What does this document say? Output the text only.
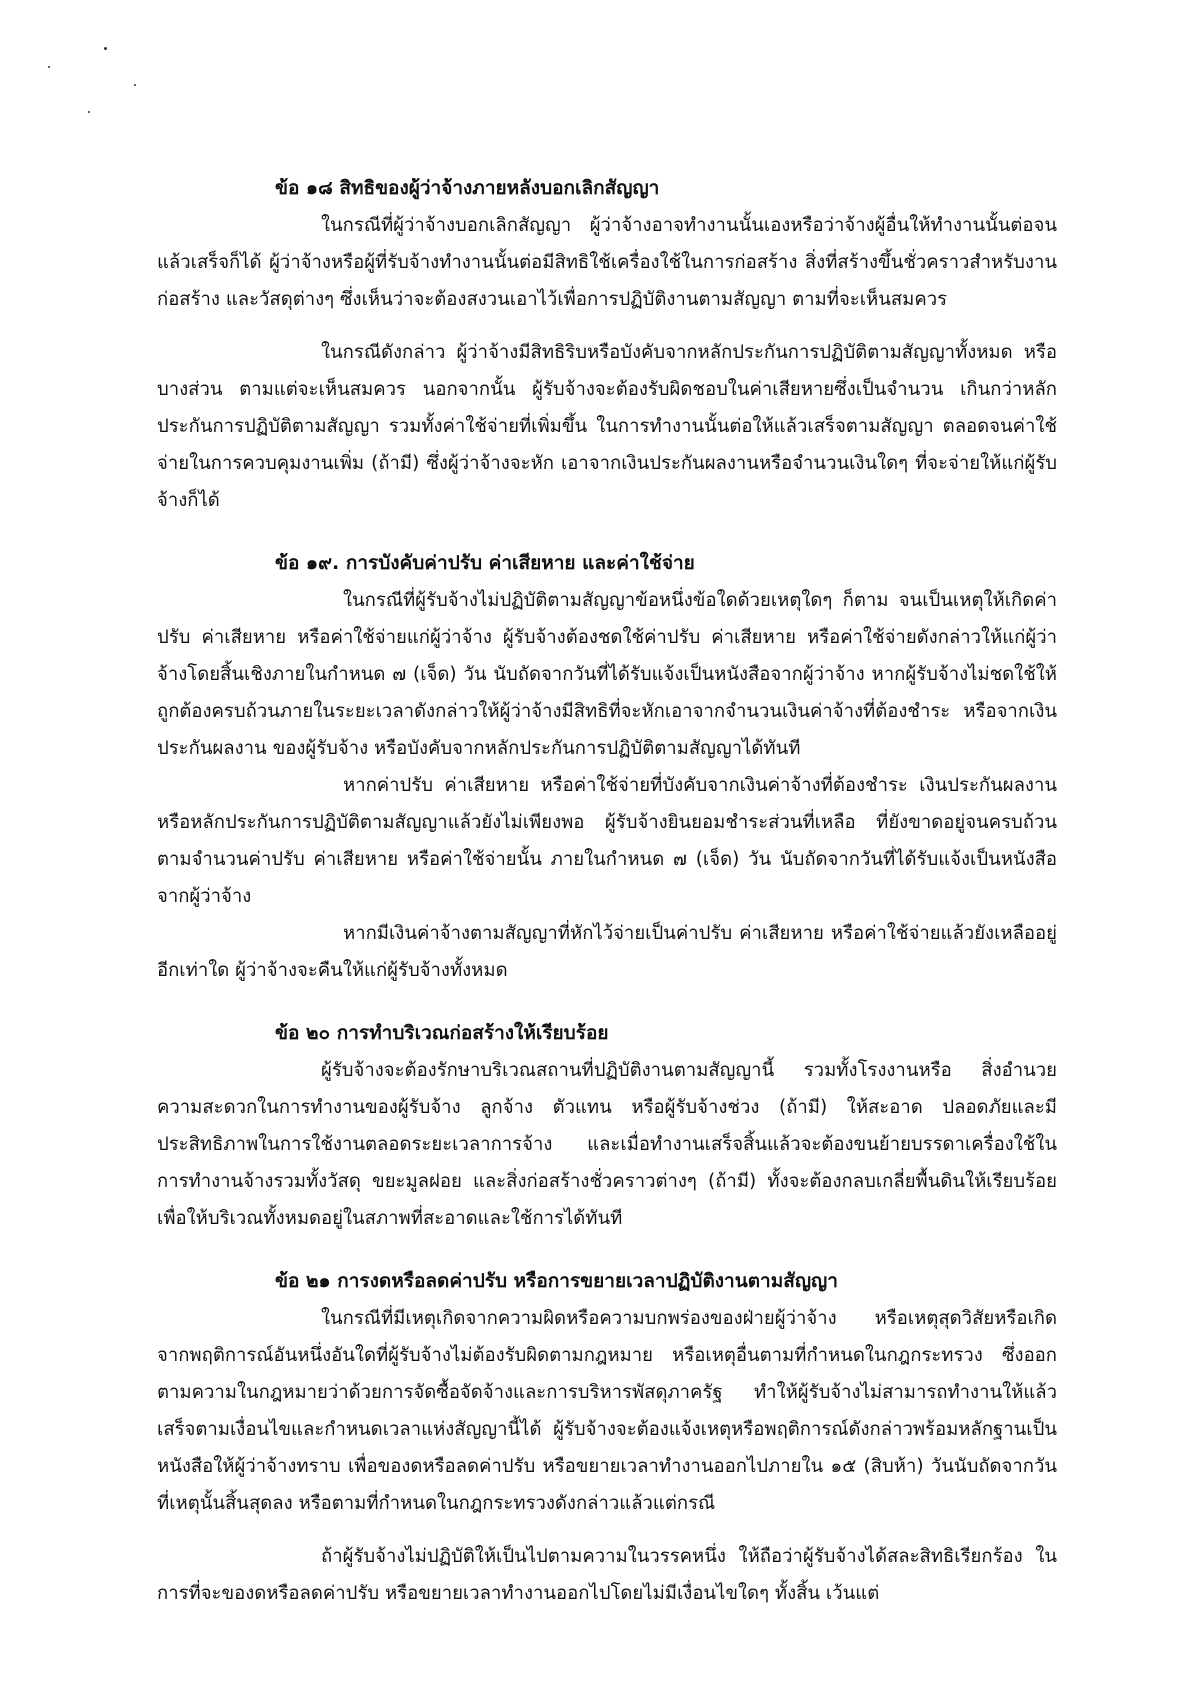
ข้อ ๑๘ สิทธิของผู้ว่าจ้างภายหลังบอกเลิกสัญญา

ในกรณีที่ผู้ว่าจ้างบอกเลิกสัญญา ผู้ว่าจ้างอาจทำงานนั้นเองหรือว่าจ้างผู้อื่นให้ทำงานนั้นต่อจนแล้วเสร็จก็ได้ ผู้ว่าจ้างหรือผู้ที่รับจ้างทำงานนั้นต่อมีสิทธิใช้เครื่องใช้ในการก่อสร้าง สิ่งที่สร้างขึ้นชั่วคราวสำหรับงานก่อสร้าง และวัสดุต่างๆ ซึ่งเห็นว่าจะต้องสงวนเอาไว้เพื่อการปฏิบัติงานตามสัญญา ตามที่จะเห็นสมควร

ในกรณีดังกล่าว ผู้ว่าจ้างมีสิทธิริบหรือบังคับจากหลักประกันการปฏิบัติตามสัญญาทั้งหมด หรือบางส่วน ตามแต่จะเห็นสมควร นอกจากนั้น ผู้รับจ้างจะต้องรับผิดชอบในค่าเสียหายซึ่งเป็นจำนวน เกินกว่าหลักประกันการปฏิบัติตามสัญญา รวมทั้งค่าใช้จ่ายที่เพิ่มขึ้น ในการทำงานนั้นต่อให้แล้วเสร็จตามสัญญา ตลอดจนค่าใช้จ่ายในการควบคุมงานเพิ่ม (ถ้ามี) ซึ่งผู้ว่าจ้างจะหัก เอาจากเงินประกันผลงานหรือจำนวนเงินใดๆ ที่จะจ่ายให้แก่ผู้รับจ้างก็ได้

ข้อ ๑๙. การบังคับค่าปรับ ค่าเสียหาย และค่าใช้จ่าย

ในกรณีที่ผู้รับจ้างไม่ปฏิบัติตามสัญญาข้อหนึ่งข้อใดด้วยเหตุใดๆ ก็ตาม จนเป็นเหตุให้เกิดค่าปรับ ค่าเสียหาย หรือค่าใช้จ่ายแก่ผู้ว่าจ้าง ผู้รับจ้างต้องชดใช้ค่าปรับ ค่าเสียหาย หรือค่าใช้จ่ายดังกล่าวให้แก่ผู้ว่าจ้างโดยสิ้นเชิงภายในกำหนด ๗ (เจ็ด) วัน นับถัดจากวันที่ได้รับแจ้งเป็นหนังสือจากผู้ว่าจ้าง หากผู้รับจ้างไม่ชดใช้ให้ถูกต้องครบถ้วนภายในระยะเวลาดังกล่าวให้ผู้ว่าจ้างมีสิทธิที่จะหักเอาจากจำนวนเงินค่าจ้างที่ต้องชำระ หรือจากเงินประกันผลงาน ของผู้รับจ้าง หรือบังคับจากหลักประกันการปฏิบัติตามสัญญาได้ทันที

หากค่าปรับ ค่าเสียหาย หรือค่าใช้จ่ายที่บังคับจากเงินค่าจ้างที่ต้องชำระ เงินประกันผลงาน หรือหลักประกันการปฏิบัติตามสัญญาแล้วยังไม่เพียงพอ ผู้รับจ้างยินยอมชำระส่วนที่เหลือ ที่ยังขาดอยู่จนครบถ้วนตามจำนวนค่าปรับ ค่าเสียหาย หรือค่าใช้จ่ายนั้น ภายในกำหนด ๗ (เจ็ด) วัน นับถัดจากวันที่ได้รับแจ้งเป็นหนังสือจากผู้ว่าจ้าง

หากมีเงินค่าจ้างตามสัญญาที่หักไว้จ่ายเป็นค่าปรับ ค่าเสียหาย หรือค่าใช้จ่ายแล้วยังเหลืออยู่อีกเท่าใด ผู้ว่าจ้างจะคืนให้แก่ผู้รับจ้างทั้งหมด

ข้อ ๒๐ การทำบริเวณก่อสร้างให้เรียบร้อย

ผู้รับจ้างจะต้องรักษาบริเวณสถานที่ปฏิบัติงานตามสัญญานี้ รวมทั้งโรงงานหรือ สิ่งอำนวย ความสะดวกในการทำงานของผู้รับจ้าง ลูกจ้าง ตัวแทน หรือผู้รับจ้างช่วง (ถ้ามี) ให้สะอาด ปลอดภัยและมีประสิทธิภาพในการใช้งานตลอดระยะเวลาการจ้าง และเมื่อทำงานเสร็จสิ้นแล้วจะต้องขนย้ายบรรดาเครื่องใช้ในการทำงานจ้างรวมทั้งวัสดุ ขยะมูลฝอย และสิ่งก่อสร้างชั่วคราวต่างๆ (ถ้ามี) ทั้งจะต้องกลบเกลี่ยพื้นดินให้เรียบร้อยเพื่อให้บริเวณทั้งหมดอยู่ในสภาพที่สะอาดและใช้การได้ทันที

ข้อ ๒๑ การงดหรือลดค่าปรับ หรือการขยายเวลาปฏิบัติงานตามสัญญา

ในกรณีที่มีเหตุเกิดจากความผิดหรือความบกพร่องของฝ่ายผู้ว่าจ้าง หรือเหตุสุดวิสัยหรือเกิดจากพฤติการณ์อันหนึ่งอันใดที่ผู้รับจ้างไม่ต้องรับผิดตามกฎหมาย หรือเหตุอื่นตามที่กำหนดในกฎกระทรวง ซึ่งออกตามความในกฎหมายว่าด้วยการจัดซื้อจัดจ้างและการบริหารพัสดุภาครัฐ ทำให้ผู้รับจ้างไม่สามารถทำงานให้แล้วเสร็จตามเงื่อนไขและกำหนดเวลาแห่งสัญญานี้ได้ ผู้รับจ้างจะต้องแจ้งเหตุหรือพฤติการณ์ดังกล่าวพร้อมหลักฐานเป็นหนังสือให้ผู้ว่าจ้างทราบ เพื่อของดหรือลดค่าปรับ หรือขยายเวลาทำงานออกไปภายใน ๑๕ (สิบห้า) วันนับถัดจากวันที่เหตุนั้นสิ้นสุดลง หรือตามที่กำหนดในกฎกระทรวงดังกล่าวแล้วแต่กรณี

ถ้าผู้รับจ้างไม่ปฏิบัติให้เป็นไปตามความในวรรคหนึ่ง ให้ถือว่าผู้รับจ้างได้สละสิทธิเรียกร้อง ในการที่จะของดหรือลดค่าปรับ หรือขยายเวลาทำงานออกไปโดยไม่มีเงื่อนไขใดๆ ทั้งสิ้น เว้นแต่
